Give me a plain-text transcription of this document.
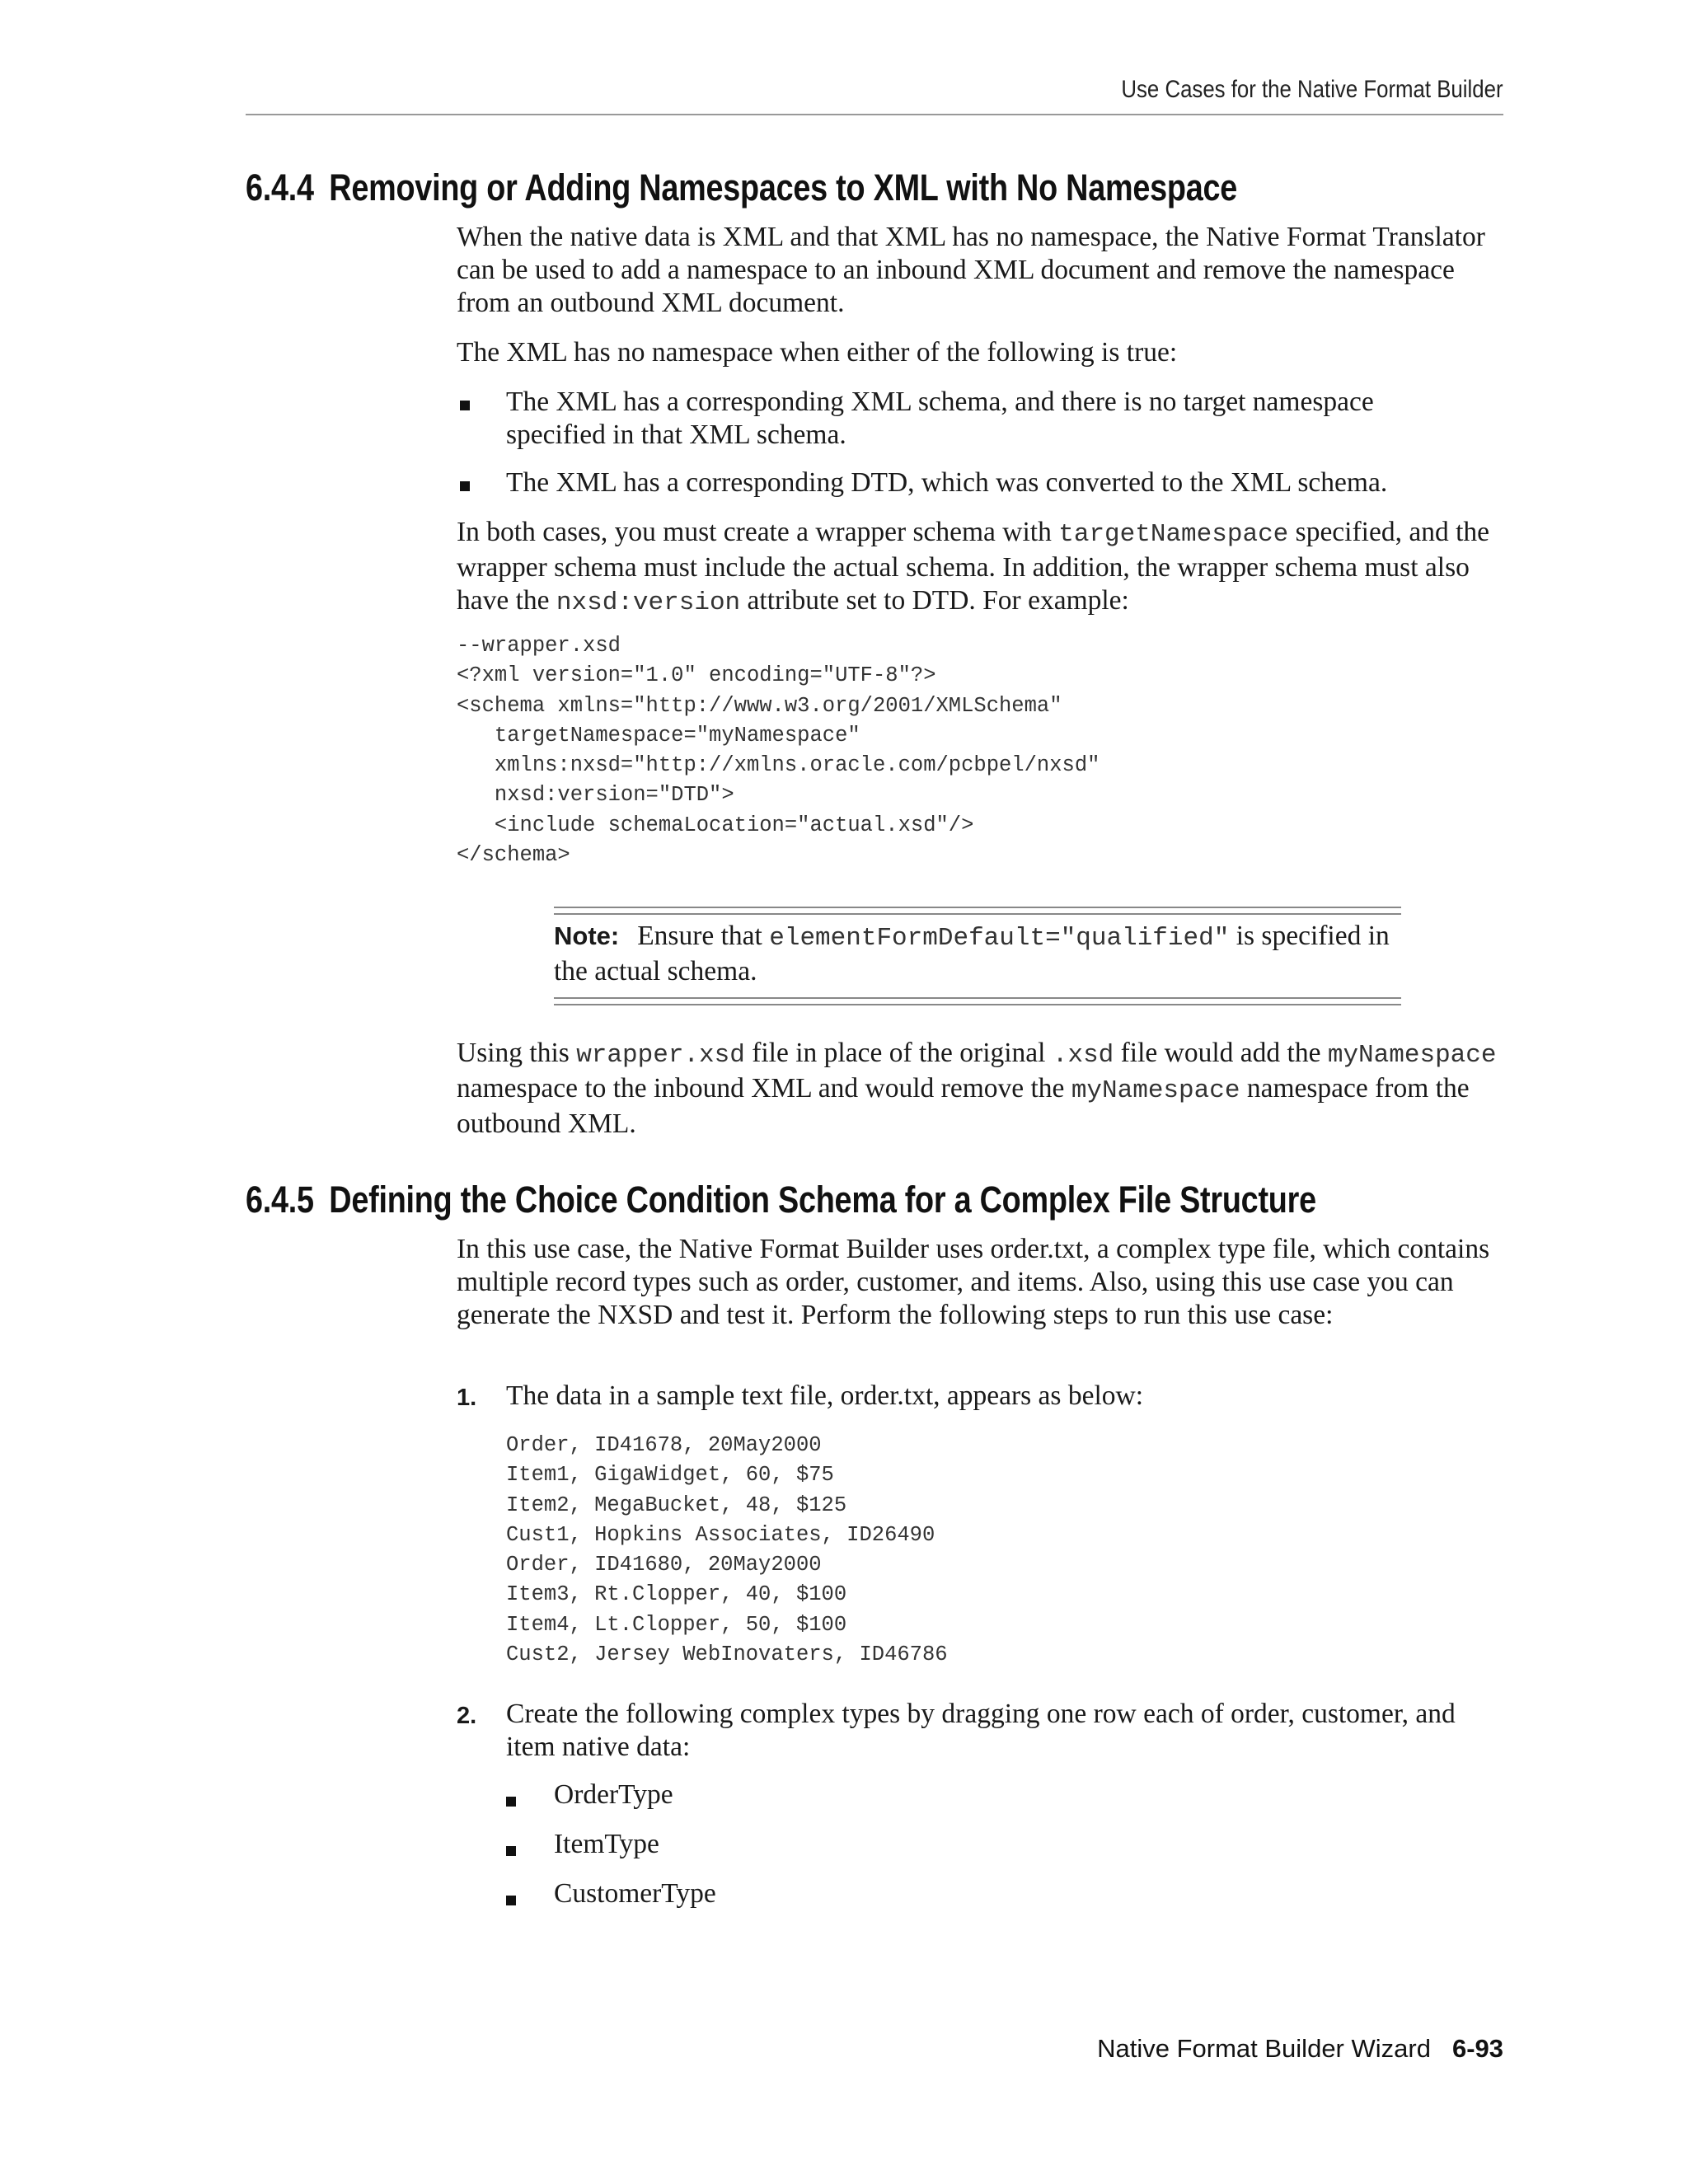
Use Cases for the Native Format Builder
6.4.4 Removing or Adding Namespaces to XML with No Namespace

When the native data is XML and that XML has no namespace, the Native Format Translator can be used to add a namespace to an inbound XML document and remove the namespace from an outbound XML document.

The XML has no namespace when either of the following is true:

The XML has a corresponding XML schema, and there is no target namespace specified in that XML schema.
The XML has a corresponding DTD, which was converted to the XML schema.

In both cases, you must create a wrapper schema with targetNamespace specified, and the wrapper schema must include the actual schema. In addition, the wrapper schema must also have the nxsd:version attribute set to DTD. For example:

--wrapper.xsd
<?xml version="1.0" encoding="UTF-8"?>
<schema xmlns="http://www.w3.org/2001/XMLSchema"
targetNamespace="myNamespace"
xmlns:nxsd="http://xmlns.oracle.com/pcbpel/nxsd"
nxsd:version="DTD">
<include schemaLocation="actual.xsd"/>
</schema>

Note: Ensure that elementFormDefault="qualified" is specified in the actual schema.

Using this wrapper.xsd file in place of the original .xsd file would add the myNamespace namespace to the inbound XML and would remove the myNamespace namespace from the outbound XML.

6.4.5 Defining the Choice Condition Schema for a Complex File Structure

In this use case, the Native Format Builder uses order.txt, a complex type file, which contains multiple record types such as order, customer, and items. Also, using this use case you can generate the NXSD and test it. Perform the following steps to run this use case:

1. The data in a sample text file, order.txt, appears as below:

Order, ID41678, 20May2000
Item1, GigaWidget, 60, $75
Item2, MegaBucket, 48, $125
Cust1, Hopkins Associates, ID26490
Order, ID41680, 20May2000
Item3, Rt.Clopper, 40, $100
Item4, Lt.Clopper, 50, $100
Cust2, Jersey WebInovaters, ID46786
2. Create the following complex types by dragging one row each of order, customer, and item native data:

OrderType
ItemType
CustomerType
Native Format Builder Wizard 6-93
